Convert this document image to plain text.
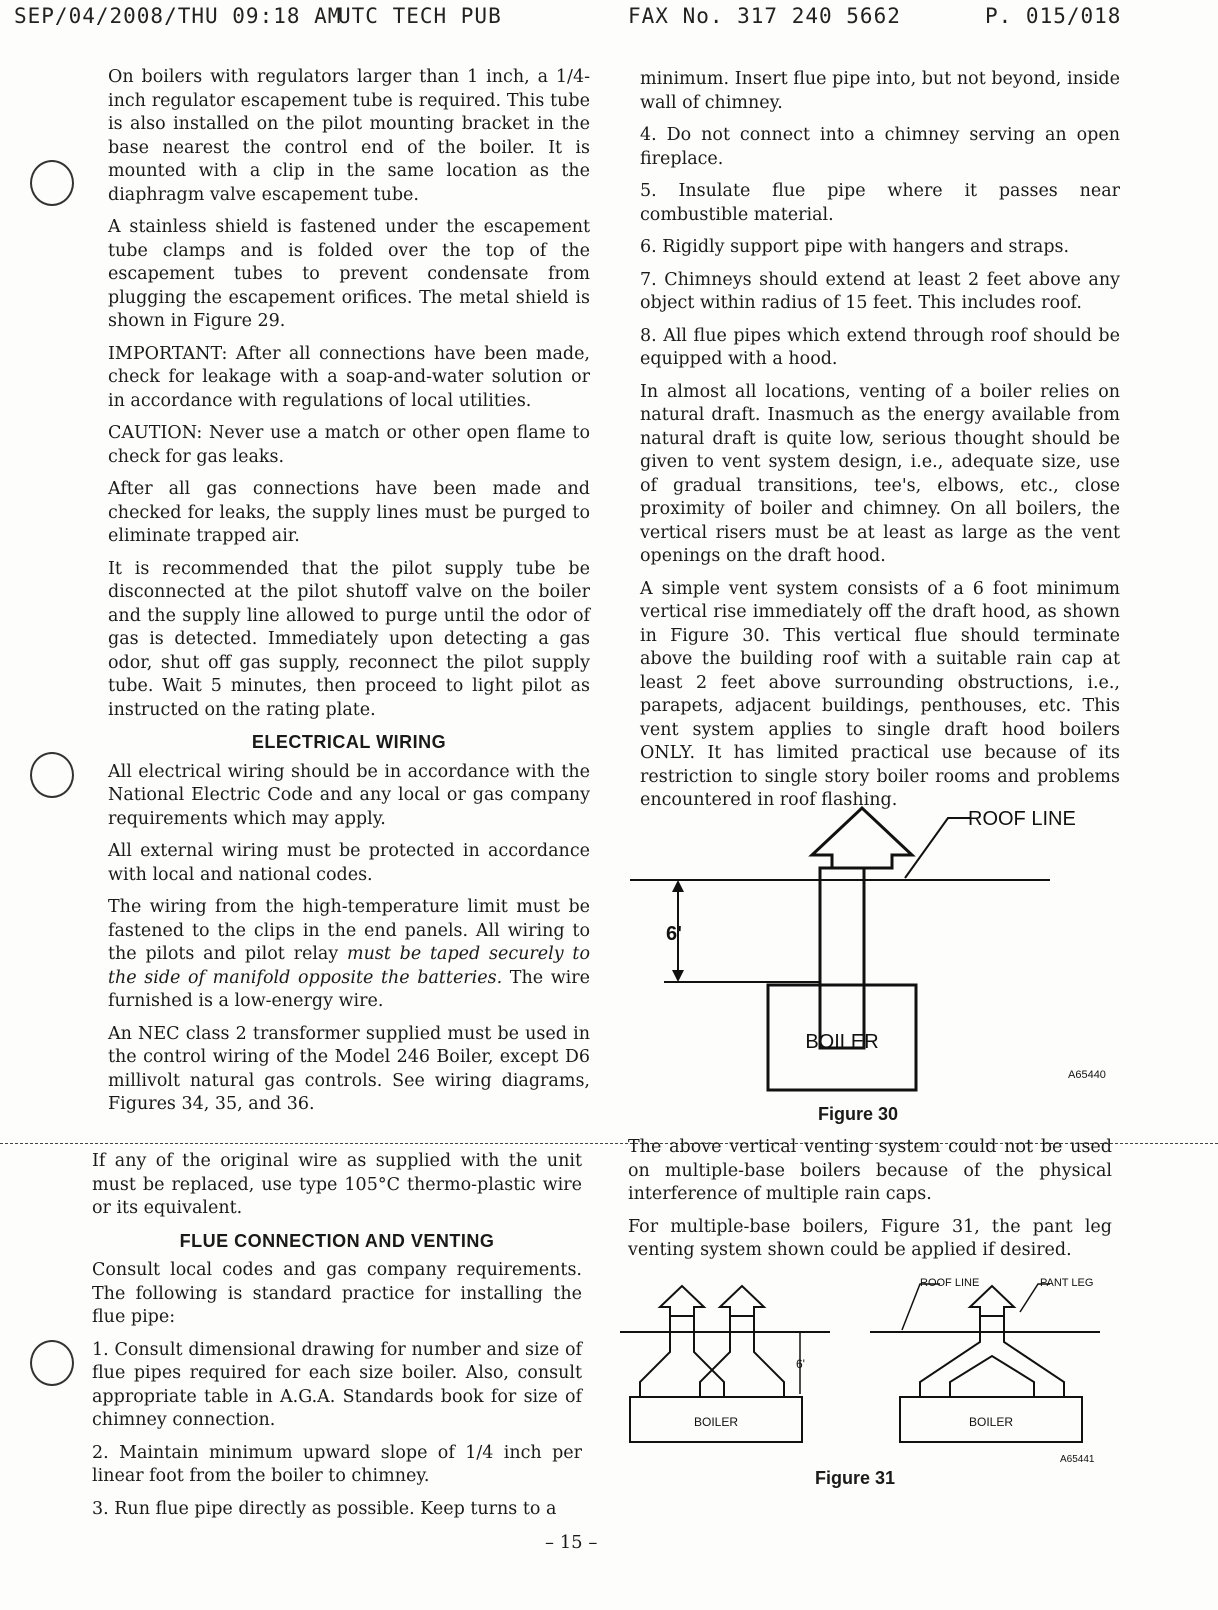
SEP/04/2008/THU 09:18 AM
UTC TECH PUB	FAX No. 317 240 5662	P. 015/018

On boilers with regulators larger than 1 inch, a 1/4-inch regulator escapement tube is required. This tube is also installed on the pilot mounting bracket in the base nearest the control end of the boiler. It is mounted with a clip in the same location as the diaphragm valve escapement tube.

A stainless shield is fastened under the escapement tube clamps and is folded over the top of the escapement tubes to prevent condensate from plugging the escapement orifices. The metal shield is shown in Figure 29.

IMPORTANT: After all connections have been made, check for leakage with a soap-and-water solution or in accordance with regulations of local utilities.

CAUTION: Never use a match or other open flame to check for gas leaks.

After all gas connections have been made and checked for leaks, the supply lines must be purged to eliminate trapped air.

It is recommended that the pilot supply tube be disconnected at the pilot shutoff valve on the boiler and the supply line allowed to purge until the odor of gas is detected. Immediately upon detecting a gas odor, shut off gas supply, reconnect the pilot supply tube. Wait 5 minutes, then proceed to light pilot as instructed on the rating plate.

ELECTRICAL WIRING

All electrical wiring should be in accordance with the National Electric Code and any local or gas company requirements which may apply.

All external wiring must be protected in accordance with local and national codes.

The wiring from the high-temperature limit must be fastened to the clips in the end panels. All wiring to the pilots and pilot relay must be taped securely to the side of manifold opposite the batteries. The wire furnished is a low-energy wire.

An NEC class 2 transformer supplied must be used in the control wiring of the Model 246 Boiler, except D6 millivolt natural gas controls. See wiring diagrams, Figures 34, 35, and 36.

If any of the original wire as supplied with the unit must be replaced, use type 105°C thermo-plastic wire or its equivalent.

FLUE CONNECTION AND VENTING

Consult local codes and gas company requirements. The following is standard practice for installing the flue pipe:

1. Consult dimensional drawing for number and size of flue pipes required for each size boiler. Also, consult appropriate table in A.G.A. Standards book for size of chimney connection.

2. Maintain minimum upward slope of 1/4 inch per linear foot from the boiler to chimney.

3. Run flue pipe directly as possible. Keep turns to a

minimum. Insert flue pipe into, but not beyond, inside wall of chimney.

4. Do not connect into a chimney serving an open fireplace.

5. Insulate flue pipe where it passes near combustible material.

6. Rigidly support pipe with hangers and straps.

7. Chimneys should extend at least 2 feet above any object within radius of 15 feet. This includes roof.

8. All flue pipes which extend through roof should be equipped with a hood.

In almost all locations, venting of a boiler relies on natural draft. Inasmuch as the energy available from natural draft is quite low, serious thought should be given to vent system design, i.e., adequate size, use of gradual transitions, tee's, elbows, etc., close proximity of boiler and chimney. On all boilers, the vertical risers must be at least as large as the vent openings on the draft hood.

A simple vent system consists of a 6 foot minimum vertical rise immediately off the draft hood, as shown in Figure 30. This vertical flue should terminate above the building roof with a suitable rain cap at least 2 feet above surrounding obstructions, i.e., parapets, adjacent buildings, penthouses, etc. This vent system applies to single draft hood boilers ONLY. It has limited practical use because of its restriction to single story boiler rooms and problems encountered in roof flashing.

ROOF LINE
6'
BOILER
A65440
Figure 30

The above vertical venting system could not be used on multiple-base boilers because of the physical interference of multiple rain caps.

For multiple-base boilers, Figure 31, the pant leg venting system shown could be applied if desired.

6'
BOILER
ROOF LINE	PANT LEG
BOILER
A65441
Figure 31
– 15 –
